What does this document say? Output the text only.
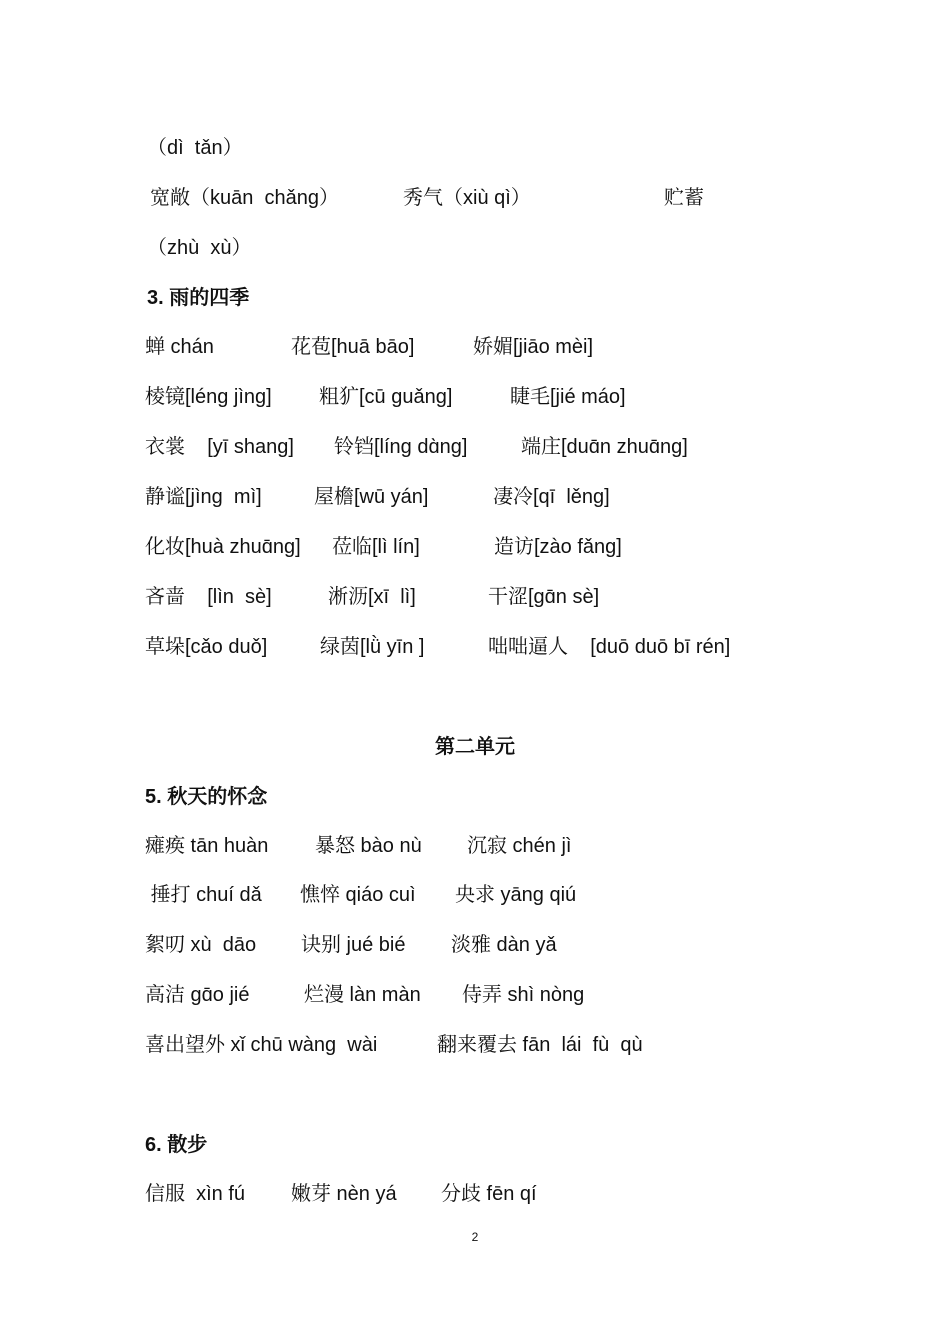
（dì  tǎn）
宽敞（kuān  chǎng）	秀气（xiù qì）	贮蓄
（zhù  xù）
3. 雨的四季
蝉 chán	花苞[huā bāo]	娇媚[jiāo mèi]
棱镜[léng jìng] 粗犷[cū guǎng]	睫毛[jié máo]
衣裳    [yī shang] 铃铛[líng dɑ̀ng]	端庄[duɑ̄n zhuɑ̄ng]
静谧[jìng  mì]	屋檐[wū yán]	凄冷[qī  lěng]
化妆[huà zhuɑ̄ng] 莅临[lì lín]	造访[zào fǎng]
吝啬    [lìn  sè]	淅沥[xī  lì]	干涩[gɑ̄n sè]
草垛[cǎo duǒ]	绿茵[lǜ yīn ]	咄咄逼人    [duō duō bī rén]
第二单元
5. 秋天的怀念
瘫痪 tān huàn 暴怒 bào nù 沉寂 chén jì
捶打 chuí dǎ 憔悴 qiáo cuì 央求 yāng qiú
絮叨 xù  dāo 诀别 jué bié 淡雅 dàn yǎ
高洁 gɑ̄o jié	烂漫 làn màn 侍弄 shì nòng
喜出望外 xǐ chū wàng  wài	翻来覆去 fān  lái  fù  qù
6. 散步
信服  xìn fú 嫩芽 nèn yá 分歧 fēn qí
2
